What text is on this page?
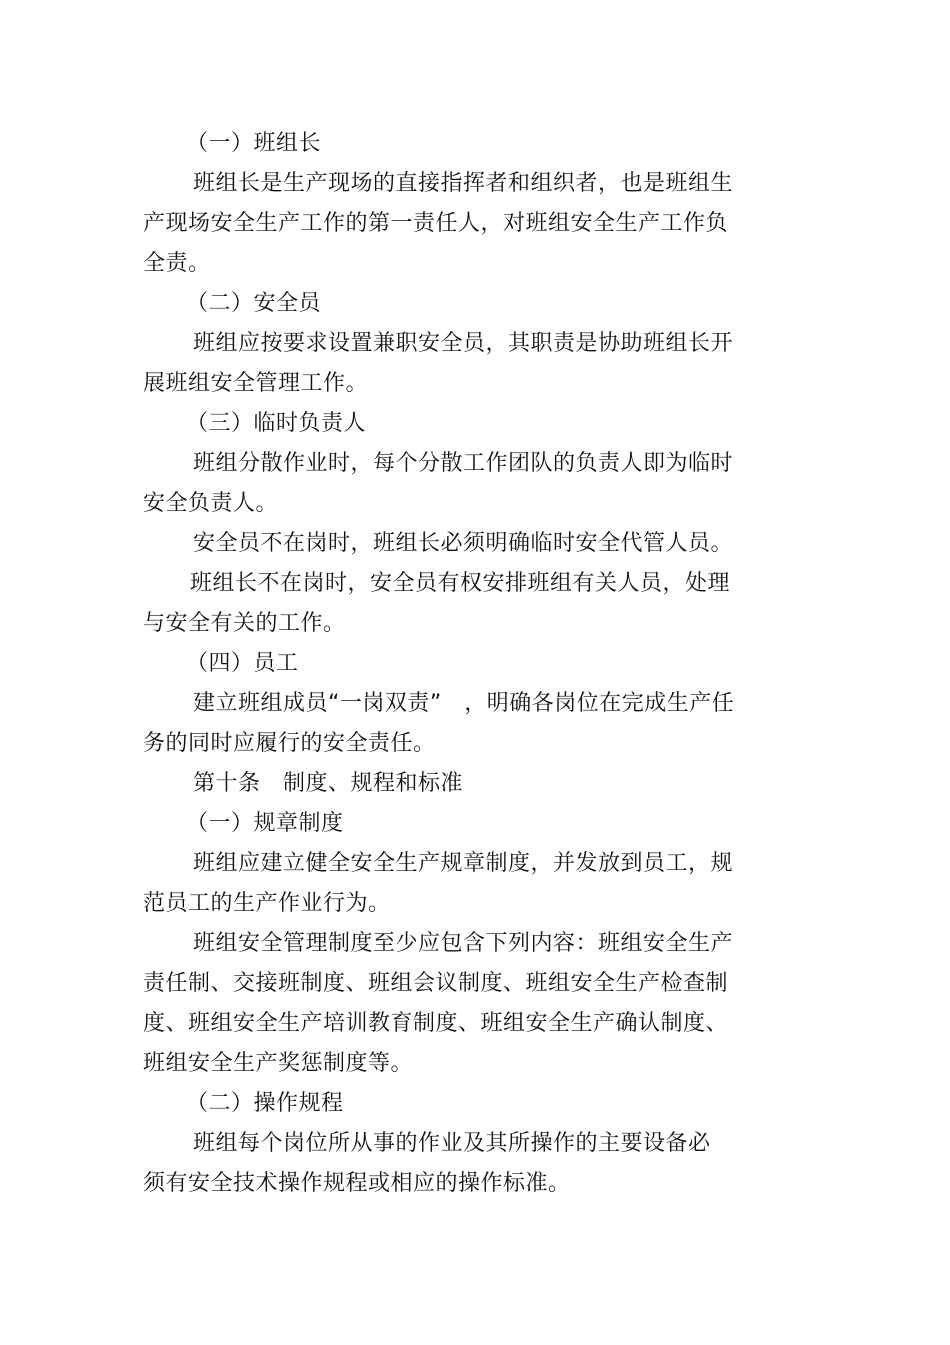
（一）班组长
班组长是生产现场的直接指挥者和组织者，也是班组生
产现场安全生产工作的第一责任人，对班组安全生产工作负
全责。
（二）安全员
班组应按要求设置兼职安全员，其职责是协助班组长开
展班组安全管理工作。
（三）临时负责人
班组分散作业时，每个分散工作团队的负责人即为临时
安全负责人。
安全员不在岗时，班组长必须明确临时安全代管人员。
班组长不在岗时，安全员有权安排班组有关人员，处理
与安全有关的工作。
（四）员工
建立班组成员“一岗双责”　，明确各岗位在完成生产任
务的同时应履行的安全责任。
第十条　制度、规程和标准
（一）规章制度
班组应建立健全安全生产规章制度，并发放到员工，规
范员工的生产作业行为。
班组安全管理制度至少应包含下列内容：班组安全生产
责任制、交接班制度、班组会议制度、班组安全生产检查制
度、班组安全生产培训教育制度、班组安全生产确认制度、
班组安全生产奖惩制度等。
（二）操作规程
班组每个岗位所从事的作业及其所操作的主要设备必
须有安全技术操作规程或相应的操作标准。
